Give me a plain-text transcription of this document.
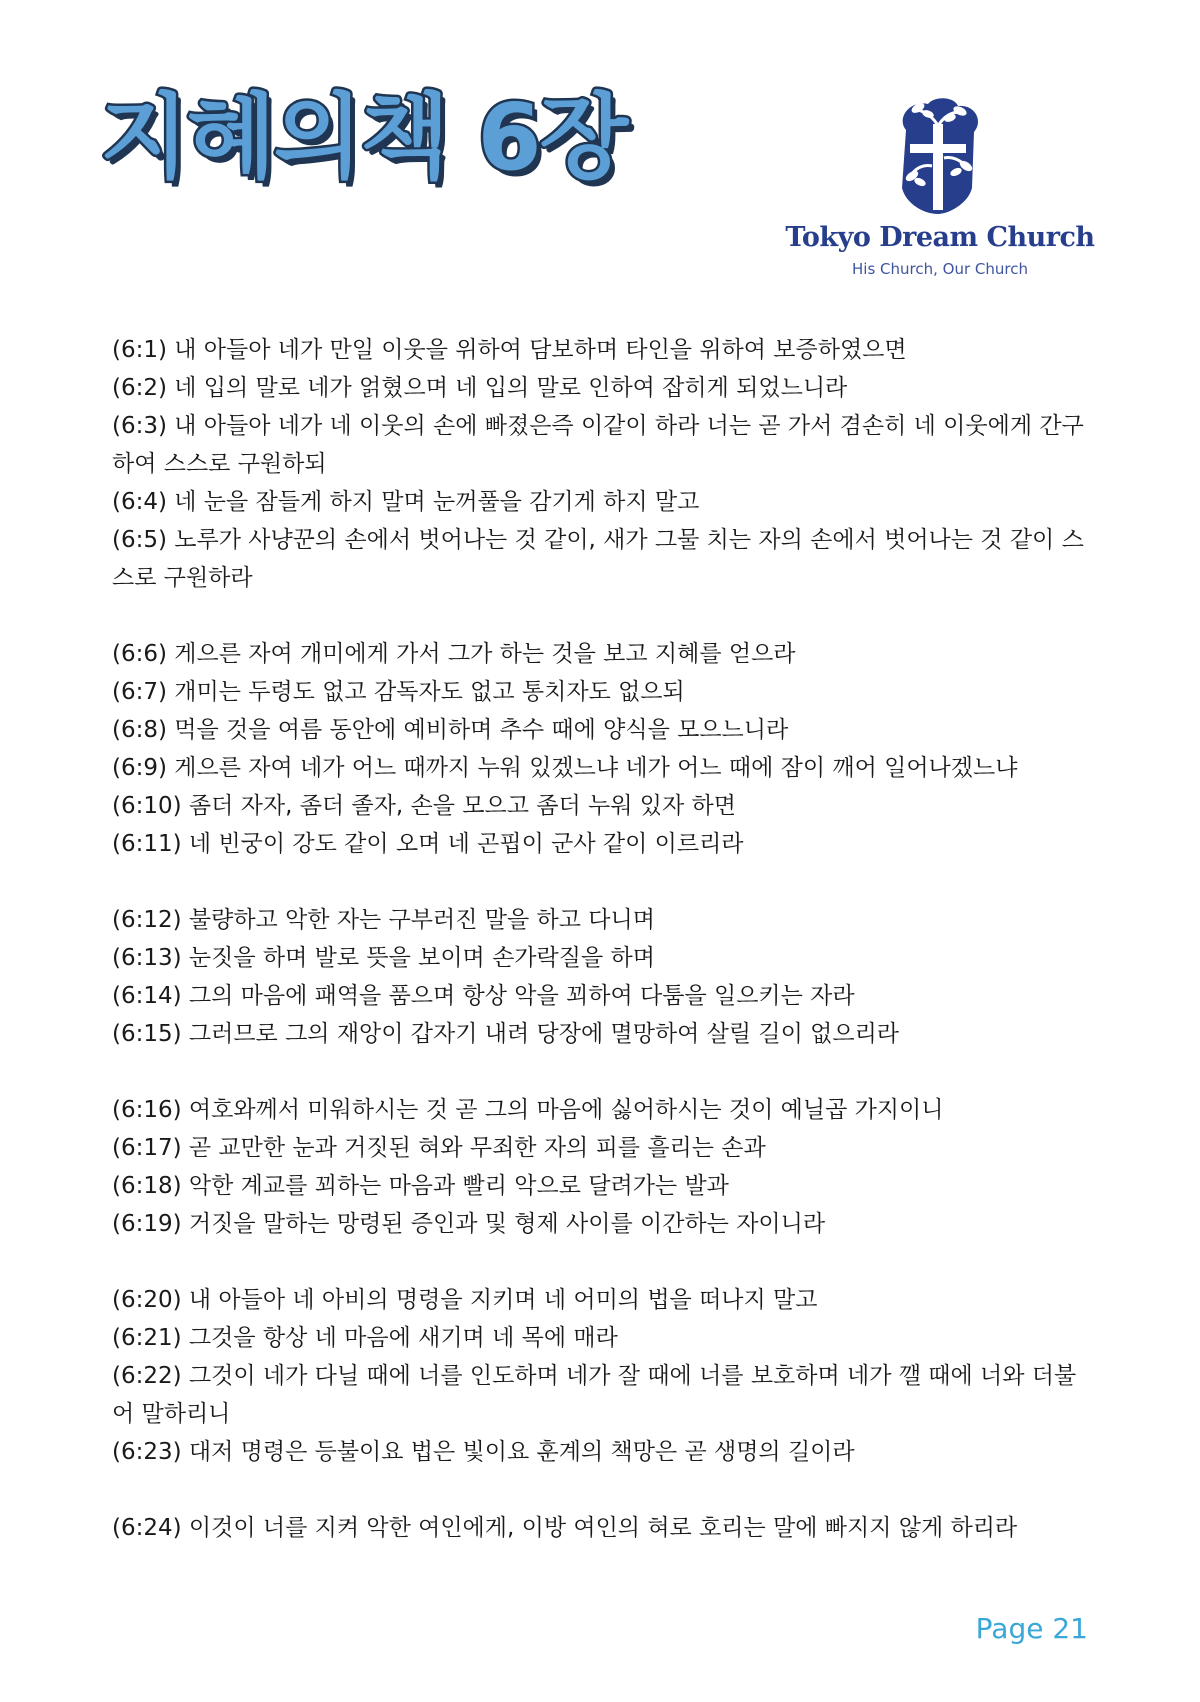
지혜의책 6장
Tokyo Dream Church
His Church, Our Church
(6:1) 내 아들아 네가 만일 이웃을 위하여 담보하며 타인을 위하여 보증하였으면
(6:2) 네 입의 말로 네가 얽혔으며 네 입의 말로 인하여 잡히게 되었느니라
(6:3) 내 아들아 네가 네 이웃의 손에 빠졌은즉 이같이 하라 너는 곧 가서 겸손히 네 이웃에게 간구하여 스스로 구원하되
(6:4) 네 눈을 잠들게 하지 말며 눈꺼풀을 감기게 하지 말고
(6:5) 노루가 사냥꾼의 손에서 벗어나는 것 같이, 새가 그물 치는 자의 손에서 벗어나는 것 같이 스스로 구원하라
(6:6) 게으른 자여 개미에게 가서 그가 하는 것을 보고 지혜를 얻으라
(6:7) 개미는 두령도 없고 감독자도 없고 통치자도 없으되
(6:8) 먹을 것을 여름 동안에 예비하며 추수 때에 양식을 모으느니라
(6:9) 게으른 자여 네가 어느 때까지 누워 있겠느냐 네가 어느 때에 잠이 깨어 일어나겠느냐
(6:10) 좀더 자자, 좀더 졸자, 손을 모으고 좀더 누워 있자 하면
(6:11) 네 빈궁이 강도 같이 오며 네 곤핍이 군사 같이 이르리라
(6:12) 불량하고 악한 자는 구부러진 말을 하고 다니며
(6:13) 눈짓을 하며 발로 뜻을 보이며 손가락질을 하며
(6:14) 그의 마음에 패역을 품으며 항상 악을 꾀하여 다툼을 일으키는 자라
(6:15) 그러므로 그의 재앙이 갑자기 내려 당장에 멸망하여 살릴 길이 없으리라
(6:16) 여호와께서 미워하시는 것 곧 그의 마음에 싫어하시는 것이 예닐곱 가지이니
(6:17) 곧 교만한 눈과 거짓된 혀와 무죄한 자의 피를 흘리는 손과
(6:18) 악한 계교를 꾀하는 마음과 빨리 악으로 달려가는 발과
(6:19) 거짓을 말하는 망령된 증인과 및 형제 사이를 이간하는 자이니라
(6:20) 내 아들아 네 아비의 명령을 지키며 네 어미의 법을 떠나지 말고
(6:21) 그것을 항상 네 마음에 새기며 네 목에 매라
(6:22) 그것이 네가 다닐 때에 너를 인도하며 네가 잘 때에 너를 보호하며 네가 깰 때에 너와 더불어 말하리니
(6:23) 대저 명령은 등불이요 법은 빛이요 훈계의 책망은 곧 생명의 길이라
(6:24) 이것이 너를 지켜 악한 여인에게, 이방 여인의 혀로 호리는 말에 빠지지 않게 하리라
Page 21
